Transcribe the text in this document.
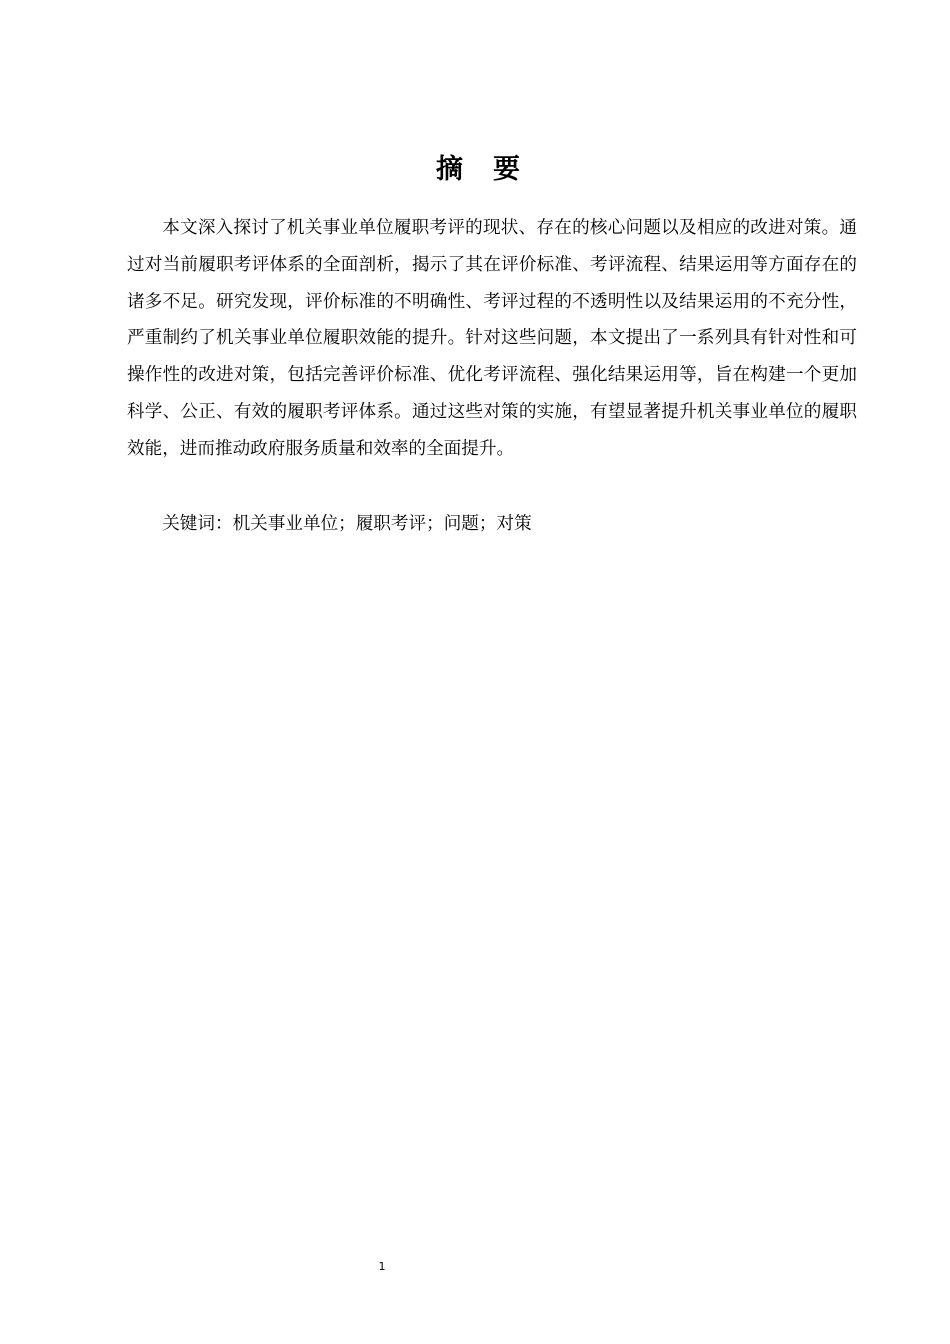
摘要

本文深入探讨了机关事业单位履职考评的现状、存在的核心问题以及相应的改进对策。通过对当前履职考评体系的全面剖析，揭示了其在评价标准、考评流程、结果运用等方面存在的诸多不足。研究发现，评价标准的不明确性、考评过程的不透明性以及结果运用的不充分性，严重制约了机关事业单位履职效能的提升。针对这些问题，本文提出了一系列具有针对性和可操作性的改进对策，包括完善评价标准、优化考评流程、强化结果运用等，旨在构建一个更加科学、公正、有效的履职考评体系。通过这些对策的实施，有望显著提升机关事业单位的履职效能，进而推动政府服务质量和效率的全面提升。

关键词：机关事业单位；履职考评；问题；对策

1
